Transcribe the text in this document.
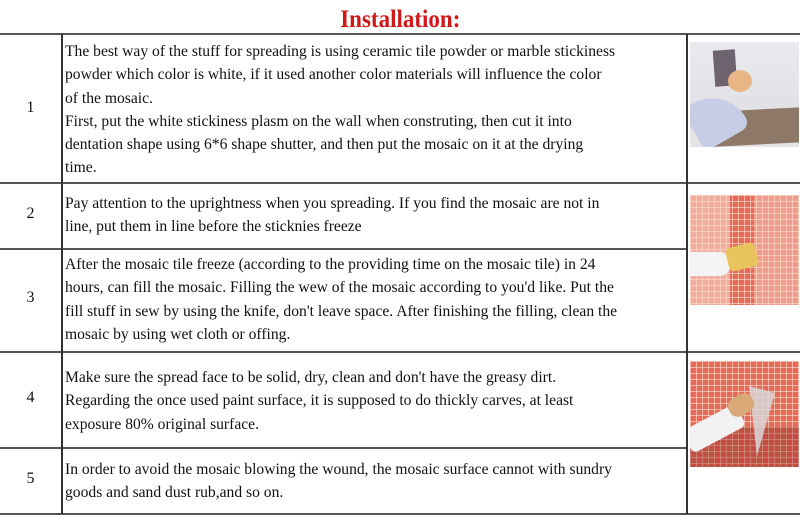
Installation:
1
The best way of the stuff for spreading is using ceramic tile powder or marble stickiness
powder which color is white, if it used another color materials will influence the color
of the mosaic.
First, put the white stickiness plasm on the wall when construting, then cut it into
dentation shape using 6*6 shape shutter, and then put the mosaic on it at the drying
time.
2
Pay attention to the uprightness when you spreading. If you find the mosaic are not in
line, put them in line before the sticknies freeze
3
After the mosaic tile freeze (according to the providing time on the mosaic tile) in 24
hours, can fill the mosaic. Filling the wew of the mosaic according to you'd like. Put the
fill stuff in sew by using the knife, don't leave space. After finishing the filling, clean the
mosaic by using wet cloth or offing.
4
Make sure the spread face to be solid, dry, clean and don't have the greasy dirt.
Regarding the once used paint surface, it is supposed to do thickly carves, at least
exposure 80% original surface.
5
In order to avoid the mosaic blowing the wound, the mosaic surface cannot with sundry
goods and sand dust rub,and so on.
